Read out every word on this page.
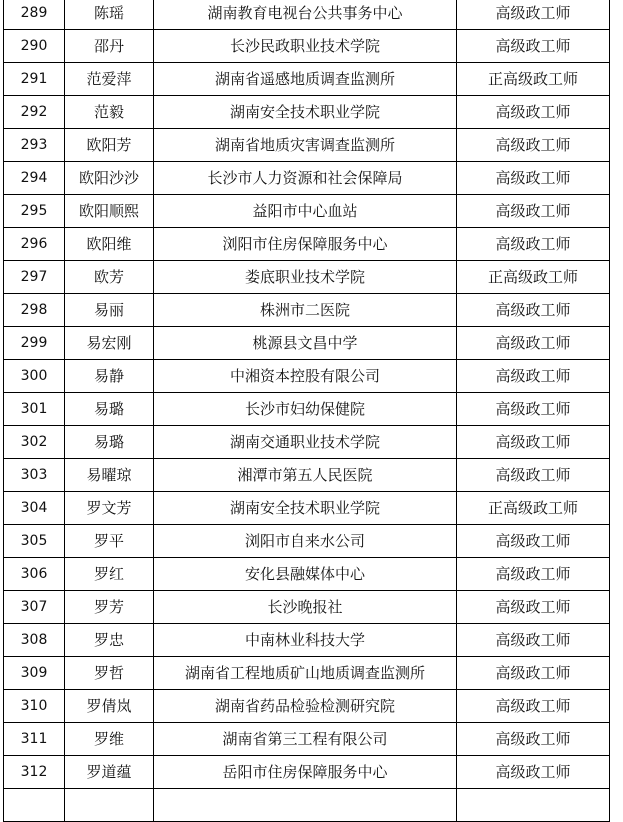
289	陈瑶	湖南教育电视台公共事务中心	高级政工师
290	邵丹	长沙民政职业技术学院	高级政工师
291	范爱萍	湖南省遥感地质调查监测所	正高级政工师
292	范毅	湖南安全技术职业学院	高级政工师
293	欧阳芳	湖南省地质灾害调查监测所	高级政工师
294	欧阳沙沙	长沙市人力资源和社会保障局	高级政工师
295	欧阳顺熙	益阳市中心血站	高级政工师
296	欧阳维	浏阳市住房保障服务中心	高级政工师
297	欧芳	娄底职业技术学院	正高级政工师
298	易丽	株洲市二医院	高级政工师
299	易宏刚	桃源县文昌中学	高级政工师
300	易静	中湘资本控股有限公司	高级政工师
301	易璐	长沙市妇幼保健院	高级政工师
302	易璐	湖南交通职业技术学院	高级政工师
303	易曜琼	湘潭市第五人民医院	高级政工师
304	罗文芳	湖南安全技术职业学院	正高级政工师
305	罗平	浏阳市自来水公司	高级政工师
306	罗红	安化县融媒体中心	高级政工师
307	罗芳	长沙晚报社	高级政工师
308	罗忠	中南林业科技大学	高级政工师
309	罗哲	湖南省工程地质矿山地质调查监测所	高级政工师
310	罗倩岚	湖南省药品检验检测研究院	高级政工师
311	罗维	湖南省第三工程有限公司	高级政工师
312	罗道蕴	岳阳市住房保障服务中心	高级政工师
